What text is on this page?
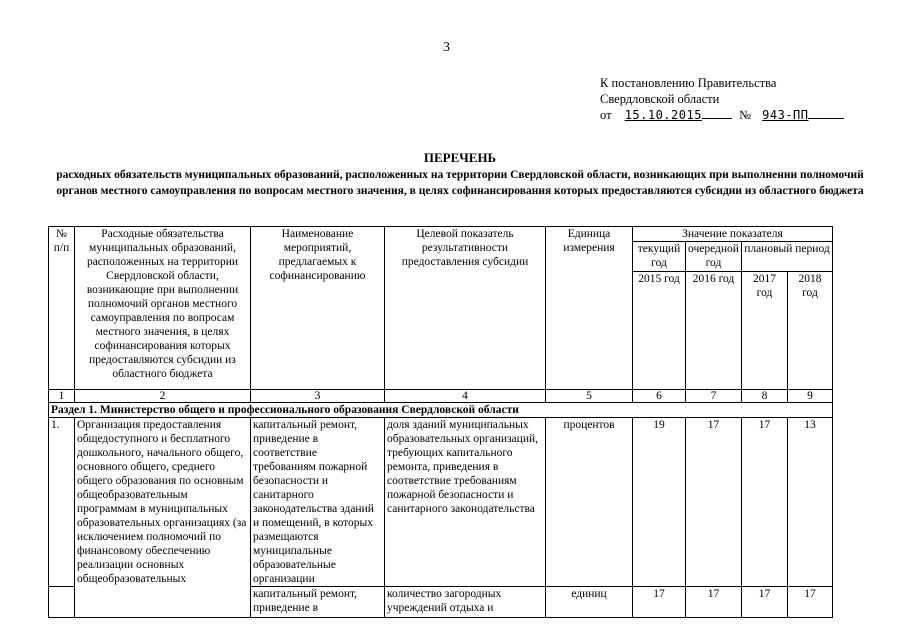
3
К постановлению Правительства
Свердловской области
от 15.10.2015	№ 943-ПП
ПЕРЕЧЕНЬ
расходных обязательств муниципальных образований, расположенных на территории Свердловской области, возникающих при выполнении полномочий органов местного самоуправления по вопросам местного значения, в целях софинансирования которых предоставляются субсидии из областного бюджета
№ п/п	Расходные обязательства муниципальных образований, расположенных на территории Свердловской области, возникающие при выполнении полномочий органов местного самоуправления по вопросам местного значения, в целях софинансирования которых предоставляются субсидии из областного бюджета	Наименование мероприятий, предлагаемых к софинансированию	Целевой показатель результативности предоставления субсидии	Единица измерения	Значение показателя			
					текущий год	очередной год	плановый период	
					2015 год	2016 год	2017 год	2018 год
1	2	3	4	5	6	7	8	9
Раздел 1. Министерство общего и профессионального образования Свердловской области								
1.	Организация предоставления общедоступного и бесплатного дошкольного, начального общего, основного общего, среднего общего образования по основным общеобразовательным программам в муниципальных образовательных организациях (за исключением полномочий по финансовому обеспечению реализации основных общеобразовательных	капитальный ремонт, приведение в соответствие требованиям пожарной безопасности и санитарного законодательства зданий и помещений, в которых размещаются муниципальные образовательные организации	доля зданий муниципальных образовательных организаций, требующих капитального ремонта, приведения в соответствие требованиям пожарной безопасности и санитарного законодательства	процентов	19	17	17	13
		капитальный ремонт, приведение в	количество загородных учреждений отдыха и	единиц	17	17	17	17
